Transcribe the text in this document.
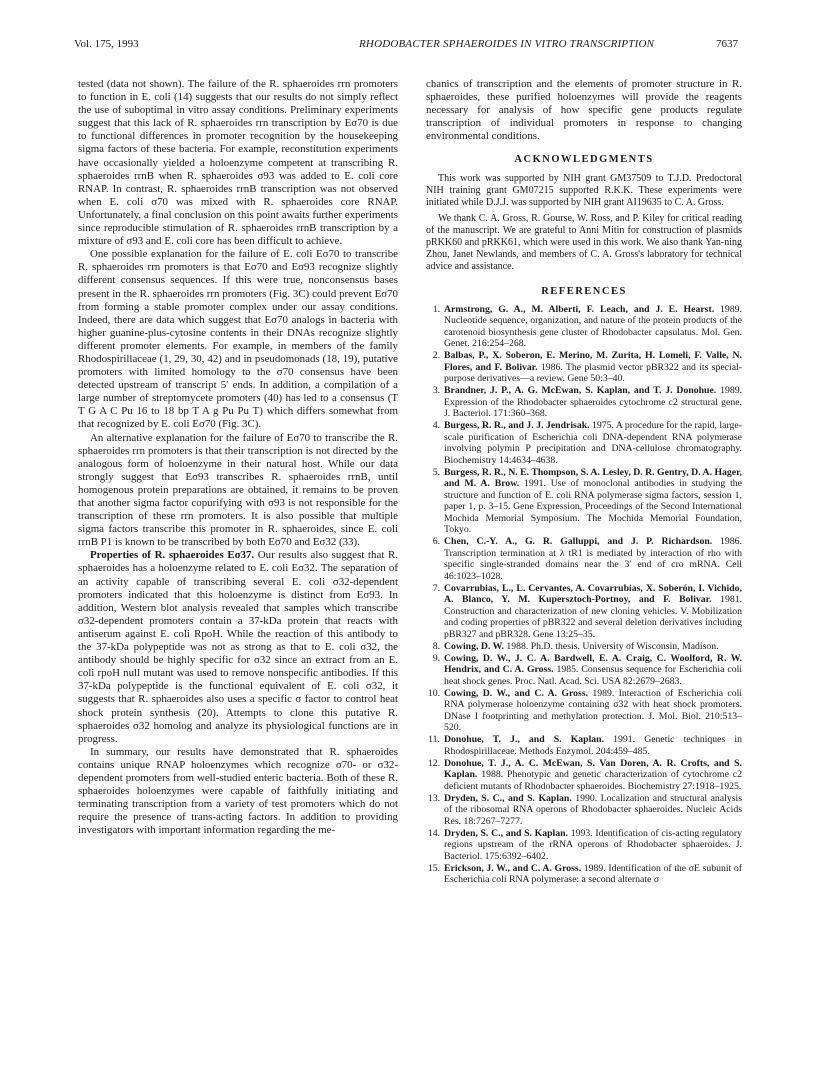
Vol. 175, 1993	RHODOBACTER SPHAEROIDES IN VITRO TRANSCRIPTION	7637

tested (data not shown). The failure of the R. sphaeroides rrn promoters to function in E. coli (14) suggests that our results do not simply reflect the use of suboptimal in vitro assay conditions. Preliminary experiments suggest that this lack of R. sphaeroides rrn transcription by Eσ70 is due to functional differences in promoter recognition by the housekeeping sigma factors of these bacteria. For example, reconstitution experiments have occasionally yielded a holoenzyme competent at transcribing R. sphaeroides rrnB when R. sphaeroides σ93 was added to E. coli core RNAP. In contrast, R. sphaeroides rrnB transcription was not observed when E. coli σ70 was mixed with R. sphaeroides core RNAP. Unfortunately, a final conclusion on this point awaits further experiments since reproducible stimulation of R. sphaeroides rrnB transcription by a mixture of σ93 and E. coli core has been difficult to achieve.

One possible explanation for the failure of E. coli Eσ70 to transcribe R. sphaeroides rrn promoters is that Eσ70 and Eσ93 recognize slightly different consensus sequences. If this were true, nonconsensus bases present in the R. sphaeroides rrn promoters (Fig. 3C) could prevent Eσ70 from forming a stable promoter complex under our assay conditions. Indeed, there are data which suggest that Eσ70 analogs in bacteria with higher guanine-plus-cytosine contents in their DNAs recognize slightly different promoter elements. For example, in members of the family Rhodospirillaceae (1, 29, 30, 42) and in pseudomonads (18, 19), putative promoters with limited homology to the σ70 consensus have been detected upstream of transcript 5′ ends. In addition, a compilation of a large number of streptomycete promoters (40) has led to a consensus (T T G A C Pu 16 to 18 bp T A g Pu Pu T) which differs somewhat from that recognized by E. coli Eσ70 (Fig. 3C).

An alternative explanation for the failure of Eσ70 to transcribe the R. sphaeroides rrn promoters is that their transcription is not directed by the analogous form of holoenzyme in their natural host. While our data strongly suggest that Eσ93 transcribes R. sphaeroides rrnB, until homogenous protein preparations are obtained, it remains to be proven that another sigma factor copurifying with σ93 is not responsible for the transcription of these rrn promoters. It is also possible that multiple sigma factors transcribe this promoter in R. sphaeroides, since E. coli rrnB P1 is known to be transcribed by both Eσ70 and Eσ32 (33).

Properties of R. sphaeroides Eσ37. Our results also suggest that R. sphaeroides has a holoenzyme related to E. coli Eσ32. The separation of an activity capable of transcribing several E. coli σ32-dependent promoters indicated that this holoenzyme is distinct from Eσ93. In addition, Western blot analysis revealed that samples which transcribe σ32-dependent promoters contain a 37-kDa protein that reacts with antiserum against E. coli RpoH. While the reaction of this antibody to the 37-kDa polypeptide was not as strong as that to E. coli σ32, the antibody should be highly specific for σ32 since an extract from an E. coli rpoH null mutant was used to remove nonspecific antibodies. If this 37-kDa polypeptide is the functional equivalent of E. coli σ32, it suggests that R. sphaeroides also uses a specific σ factor to control heat shock protein synthesis (20). Attempts to clone this putative R. sphaeroides σ32 homolog and analyze its physiological functions are in progress.

In summary, our results have demonstrated that R. sphaeroides contains unique RNAP holoenzymes which recognize σ70- or σ32-dependent promoters from well-studied enteric bacteria. Both of these R. sphaeroides holoenzymes were capable of faithfully initiating and terminating transcription from a variety of test promoters which do not require the presence of trans-acting factors. In addition to providing investigators with important information regarding the me-

chanics of transcription and the elements of promoter structure in R. sphaeroides, these purified holoenzymes will provide the reagents necessary for analysis of how specific gene products regulate transcription of individual promoters in response to changing environmental conditions.

ACKNOWLEDGMENTS

This work was supported by NIH grant GM37509 to T.J.D. Predoctoral NIH training grant GM07215 supported R.K.K. These experiments were initiated while D.J.J. was supported by NIH grant AI19635 to C. A. Gross.

We thank C. A. Gross, R. Gourse, W. Ross, and P. Kiley for critical reading of the manuscript. We are grateful to Anni Mitin for construction of plasmids pRKK60 and pRKK61, which were used in this work. We also thank Yan-ning Zhou, Janet Newlands, and members of C. A. Gross's laboratory for technical advice and assistance.

REFERENCES
1. Armstrong, G. A., M. Alberti, F. Leach, and J. E. Hearst. 1989. Nucleotide sequence, organization, and nature of the protein products of the carotenoid biosynthesis gene cluster of Rhodobacter capsulatus. Mol. Gen. Genet. 216:254–268.
2. Balbas, P., X. Soberon, E. Merino, M. Zurita, H. Lomeli, F. Valle, N. Flores, and F. Bolivar. 1986. The plasmid vector pBR322 and its special-purpose derivatives—a review. Gene 50:3–40.
3. Brandner, J. P., A. G. McEwan, S. Kaplan, and T. J. Donohue. 1989. Expression of the Rhodobacter sphaeroides cytochrome c2 structural gene. J. Bacteriol. 171:360–368.
4. Burgess, R. R., and J. J. Jendrisak. 1975. A procedure for the rapid, large-scale purification of Escherichia coli DNA-dependent RNA polymerase involving polymin P precipitation and DNA-cellulose chromatography. Biochemistry 14:4634–4638.
5. Burgess, R. R., N. E. Thompson, S. A. Lesley, D. R. Gentry, D. A. Hager, and M. A. Brow. 1991. Use of monoclonal antibodies in studying the structure and function of E. coli RNA polymerase sigma factors, session 1, paper 1, p. 3–15. Gene Expression, Proceedings of the Second International Mochida Memorial Symposium. The Mochida Memorial Foundation, Tokyo.
6. Chen, C.-Y. A., G. R. Galluppi, and J. P. Richardson. 1986. Transcription termination at λ tR1 is mediated by interaction of rho with specific single-stranded domains near the 3′ end of cro mRNA. Cell 46:1023–1028.
7. Covarrubias, L., L. Cervantes, A. Covarrubias, X. Soberón, I. Vichido, A. Blanco, Y. M. Kupersztoch-Portnoy, and F. Bolivar. 1981. Construction and characterization of new cloning vehicles. V. Mobilization and coding properties of pBR322 and several deletion derivatives including pBR327 and pBR328. Gene 13:25–35.
8. Cowing, D. W. 1988. Ph.D. thesis. University of Wisconsin, Madison.
9. Cowing, D. W., J. C. A. Bardwell, E. A. Craig, C. Woolford, R. W. Hendrix, and C. A. Gross. 1985. Consensus sequence for Escherichia coli heat shock genes. Proc. Natl. Acad. Sci. USA 82:2679–2683.
10. Cowing, D. W., and C. A. Gross. 1989. Interaction of Escherichia coli RNA polymerase holoenzyme containing σ32 with heat shock promoters. DNase I footprinting and methylation protection. J. Mol. Biol. 210:513–520.
11. Donohue, T. J., and S. Kaplan. 1991. Genetic techniques in Rhodospirillaceae. Methods Enzymol. 204:459–485.
12. Donohue, T. J., A. C. McEwan, S. Van Doren, A. R. Crofts, and S. Kaplan. 1988. Phenotypic and genetic characterization of cytochrome c2 deficient mutants of Rhodobacter sphaeroides. Biochemistry 27:1918–1925.
13. Dryden, S. C., and S. Kaplan. 1990. Localization and structural analysis of the ribosomal RNA operons of Rhodobacter sphaeroides. Nucleic Acids Res. 18:7267–7277.
14. Dryden, S. C., and S. Kaplan. 1993. Identification of cis-acting regulatory regions upstream of the rRNA operons of Rhodobacter sphaeroides. J. Bacteriol. 175:6392–6402.
15. Erickson, J. W., and C. A. Gross. 1989. Identification of the σE subunit of Escherichia coli RNA polymerase: a second alternate σ
